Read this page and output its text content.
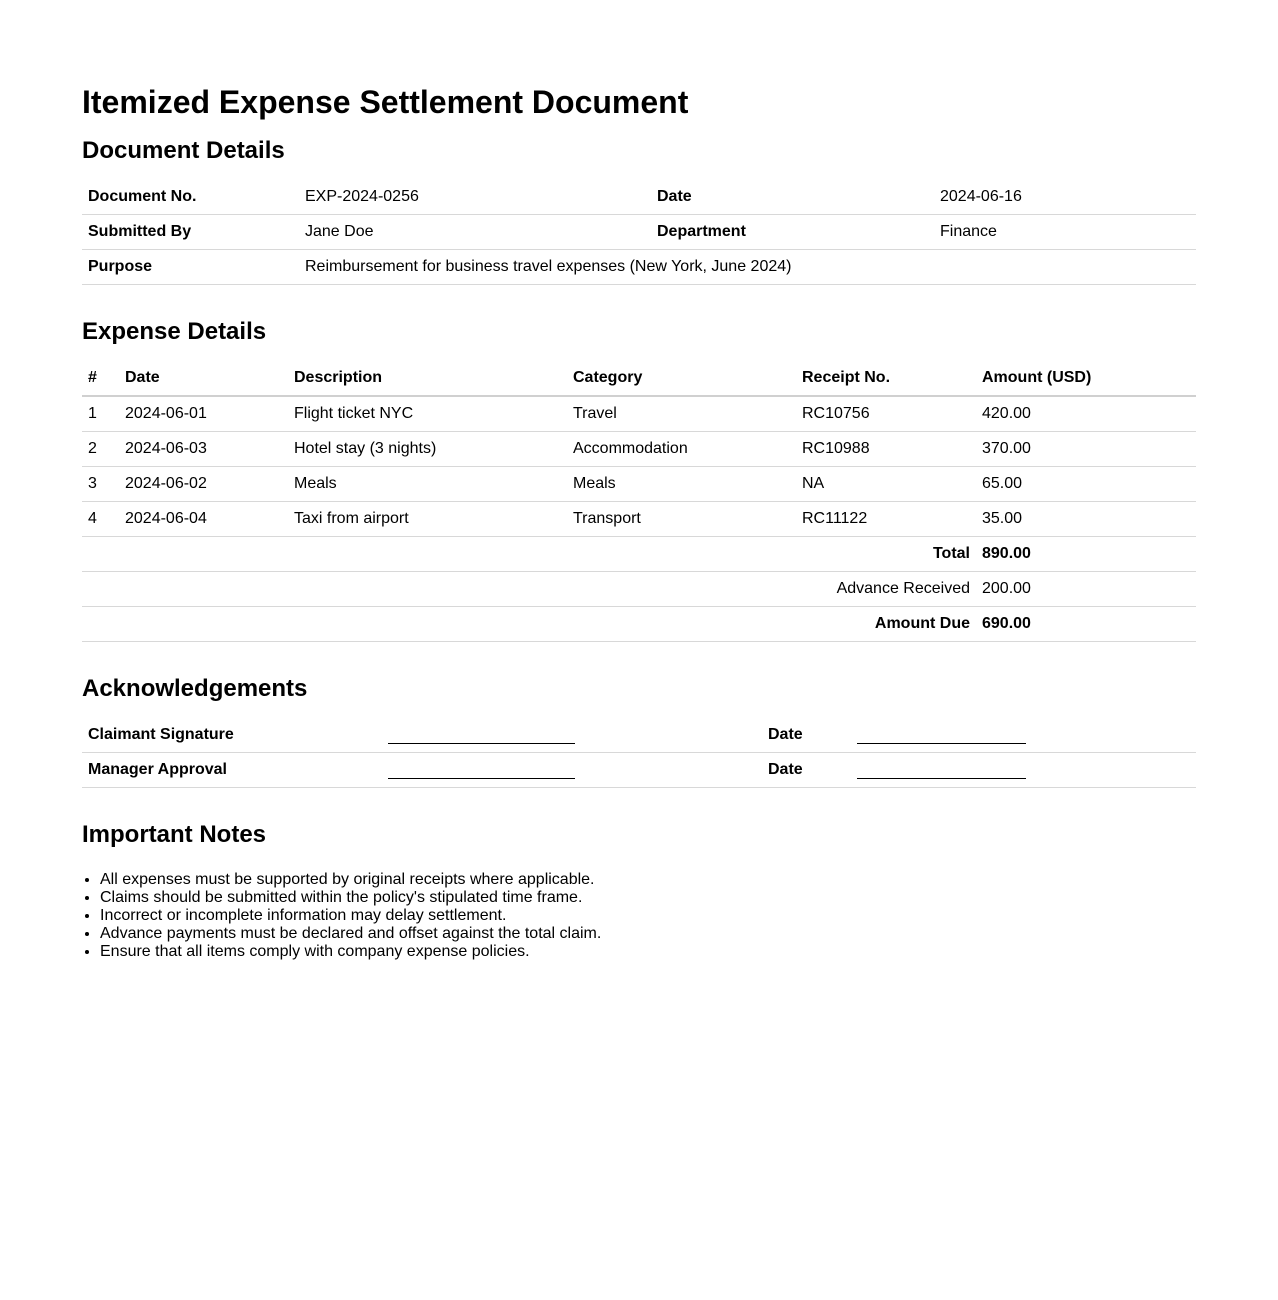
Itemized Expense Settlement Document
Document Details
Document No.	EXP-2024-0256	Date	2024-06-16
Submitted By	Jane Doe	Department	Finance
Purpose	Reimbursement for business travel expenses (New York, June 2024)		
Expense Details
#	Date	Description	Category	Receipt No.	Amount (USD)
1	2024-06-01	Flight ticket NYC	Travel	RC10756	420.00
2	2024-06-03	Hotel stay (3 nights)	Accommodation	RC10988	370.00
3	2024-06-02	Meals	Meals	NA	65.00
4	2024-06-04	Taxi from airport	Transport	RC11122	35.00
Total					890.00
Advance Received					200.00
Amount Due					690.00
Acknowledgements
Claimant Signature		Date	
Manager Approval		Date	
Important Notes
• All expenses must be supported by original receipts where applicable.
• Claims should be submitted within the policy's stipulated time frame.
• Incorrect or incomplete information may delay settlement.
• Advance payments must be declared and offset against the total claim.
• Ensure that all items comply with company expense policies.
